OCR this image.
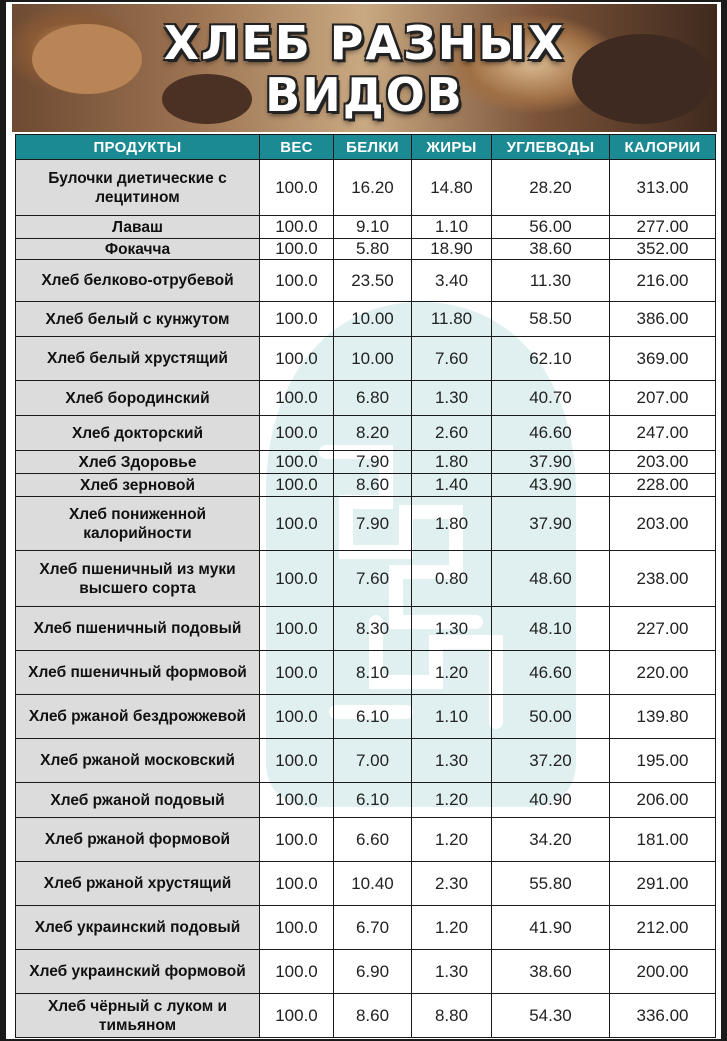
ХЛЕБ РАЗНЫХ
ВИДОВ
ПРОДУКТЫ	ВЕС	БЕЛКИ	ЖИРЫ	УГЛЕВОДЫ	КАЛОРИИ
Булочки диетические с лецитином	100.0	16.20	14.80	28.20	313.00
Лаваш	100.0	9.10	1.10	56.00	277.00
Фокачча	100.0	5.80	18.90	38.60	352.00
Хлеб белково-отрубевой	100.0	23.50	3.40	11.30	216.00
Хлеб белый с кунжутом	100.0	10.00	11.80	58.50	386.00
Хлеб белый хрустящий	100.0	10.00	7.60	62.10	369.00
Хлеб бородинский	100.0	6.80	1.30	40.70	207.00
Хлеб докторский	100.0	8.20	2.60	46.60	247.00
Хлеб Здоровье	100.0	7.90	1.80	37.90	203.00
Хлеб зерновой	100.0	8.60	1.40	43.90	228.00
Хлеб пониженной калорийности	100.0	7.90	1.80	37.90	203.00
Хлеб пшеничный из муки высшего сорта	100.0	7.60	0.80	48.60	238.00
Хлеб пшеничный подовый	100.0	8.30	1.30	48.10	227.00
Хлеб пшеничный формовой	100.0	8.10	1.20	46.60	220.00
Хлеб ржаной бездрожжевой	100.0	6.10	1.10	50.00	139.80
Хлеб ржаной московский	100.0	7.00	1.30	37.20	195.00
Хлеб ржаной подовый	100.0	6.10	1.20	40.90	206.00
Хлеб ржаной формовой	100.0	6.60	1.20	34.20	181.00
Хлеб ржаной хрустящий	100.0	10.40	2.30	55.80	291.00
Хлеб украинский подовый	100.0	6.70	1.20	41.90	212.00
Хлеб украинский формовой	100.0	6.90	1.30	38.60	200.00
Хлеб чёрный с луком и тимьяном	100.0	8.60	8.80	54.30	336.00
